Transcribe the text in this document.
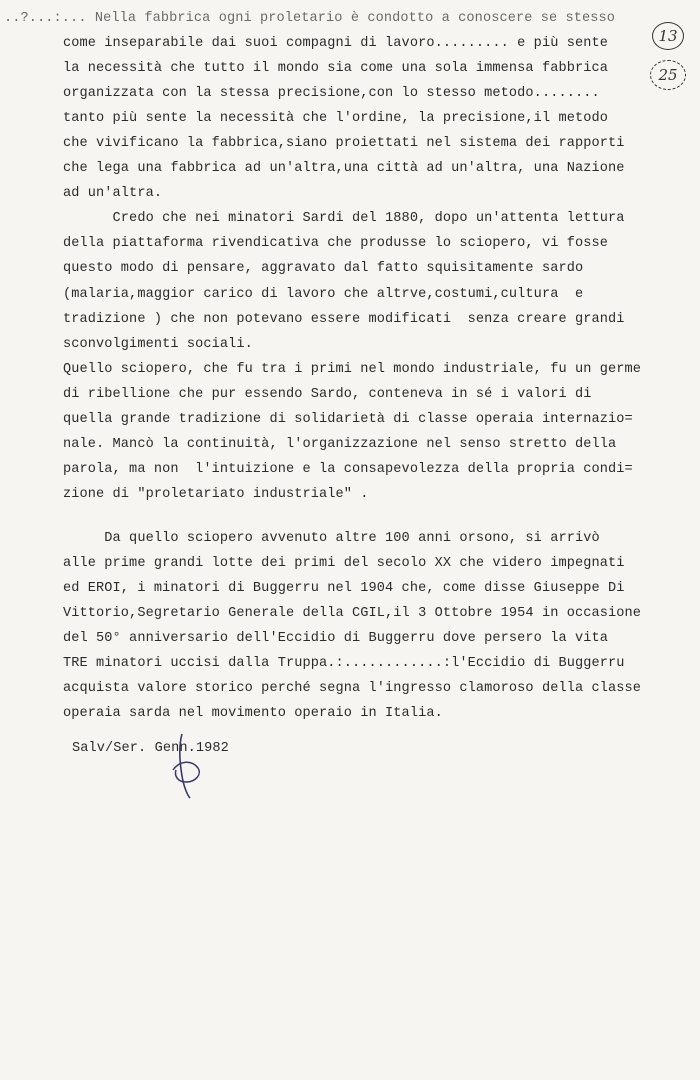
13
25
..?...:... Nella fabbrica ogni proletario è condotto a conoscere se stesso
come inseparabile dai suoi compagni di lavoro......... e più sente
la necessità che tutto il mondo sia come una sola immensa fabbrica
organizzata con la stessa precisione,con lo stesso metodo........
tanto più sente la necessità che l'ordine, la precisione,il metodo
che vivificano la fabbrica,siano proiettati nel sistema dei rapporti
che lega una fabbrica ad un'altra,una città ad un'altra, una Nazione
ad un'altra.
Credo che nei minatori Sardi del 1880, dopo un'attenta lettura
della piattaforma rivendicativa che produsse lo sciopero, vi fosse
questo modo di pensare, aggravato dal fatto squisitamente sardo
(malaria,maggior carico di lavoro che altrve,costumi,cultura  e
tradizione ) che non potevano essere modificati  senza creare grandi
sconvolgimenti sociali.
Quello sciopero, che fu tra i primi nel mondo industriale, fu un germe
di ribellione che pur essendo Sardo, conteneva in sé i valori di
quella grande tradizione di solidarietà di classe operaia internazio=
nale. Mancò la continuità, l'organizzazione nel senso stretto della
parola, ma non  l'intuizione e la consapevolezza della propria condi=
zione di "proletariato industriale" .
Da quello sciopero avvenuto altre 100 anni orsono, si arrivò
alle prime grandi lotte dei primi del secolo XX che videro impegnati
ed EROI, i minatori di Buggerru nel 1904 che, come disse Giuseppe Di
Vittorio,Segretario Generale della CGIL,il 3 Ottobre 1954 in occasione
del 50° anniversario dell'Eccidio di Buggerru dove persero la vita
TRE minatori uccisi dalla Truppa.:............:l'Eccidio di Buggerru
acquista valore storico perché segna l'ingresso clamoroso della classe
operaia sarda nel movimento operaio in Italia.
Salv/Ser. Genn.1982
